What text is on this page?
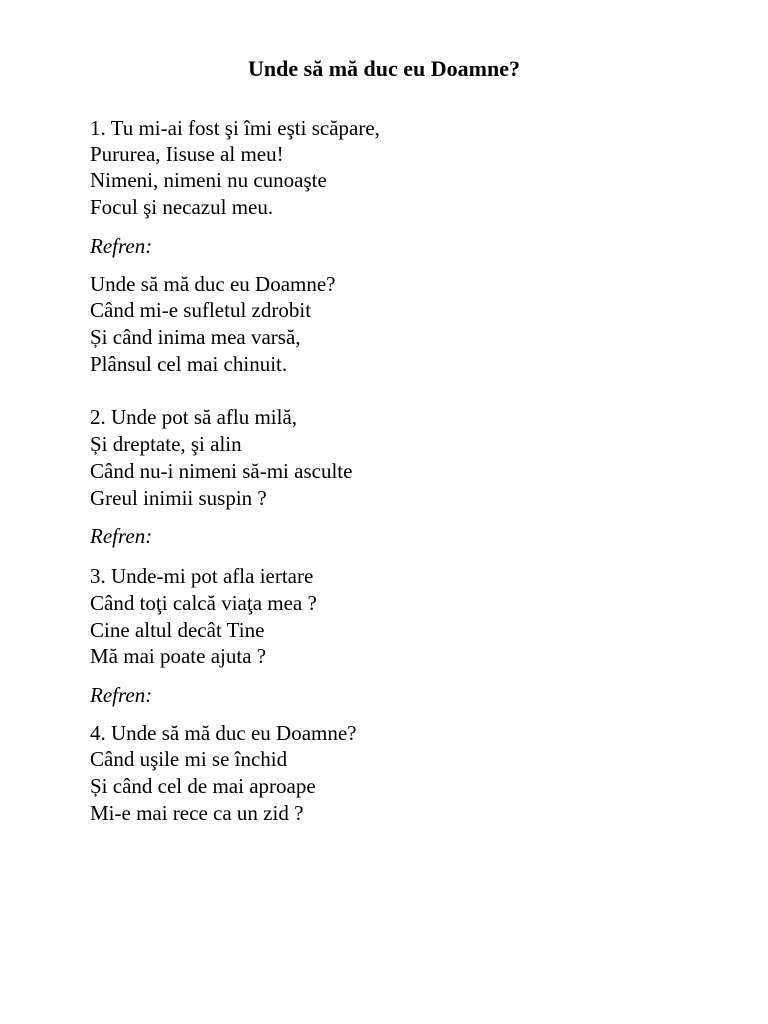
Unde să mă duc eu Doamne?

1. Tu mi-ai fost şi îmi eşti scăpare,

Pururea, Iisuse al meu!

Nimeni, nimeni nu cunoaşte

Focul şi necazul meu.

Refren:

Unde să mă duc eu Doamne?

Când mi-e sufletul zdrobit

Și când inima mea varsă,

Plânsul cel mai chinuit.

2. Unde pot să aflu milă,

Și dreptate, şi alin

Când nu-i nimeni să-mi asculte

Greul inimii suspin ?

Refren:

3. Unde-mi pot afla iertare

Când toţi calcă viaţa mea ?

Cine altul decât Tine

Mă mai poate ajuta ?

Refren:

4. Unde să mă duc eu Doamne?

Când uşile mi se închid

Și când cel de mai aproape

Mi-e mai rece ca un zid ?
